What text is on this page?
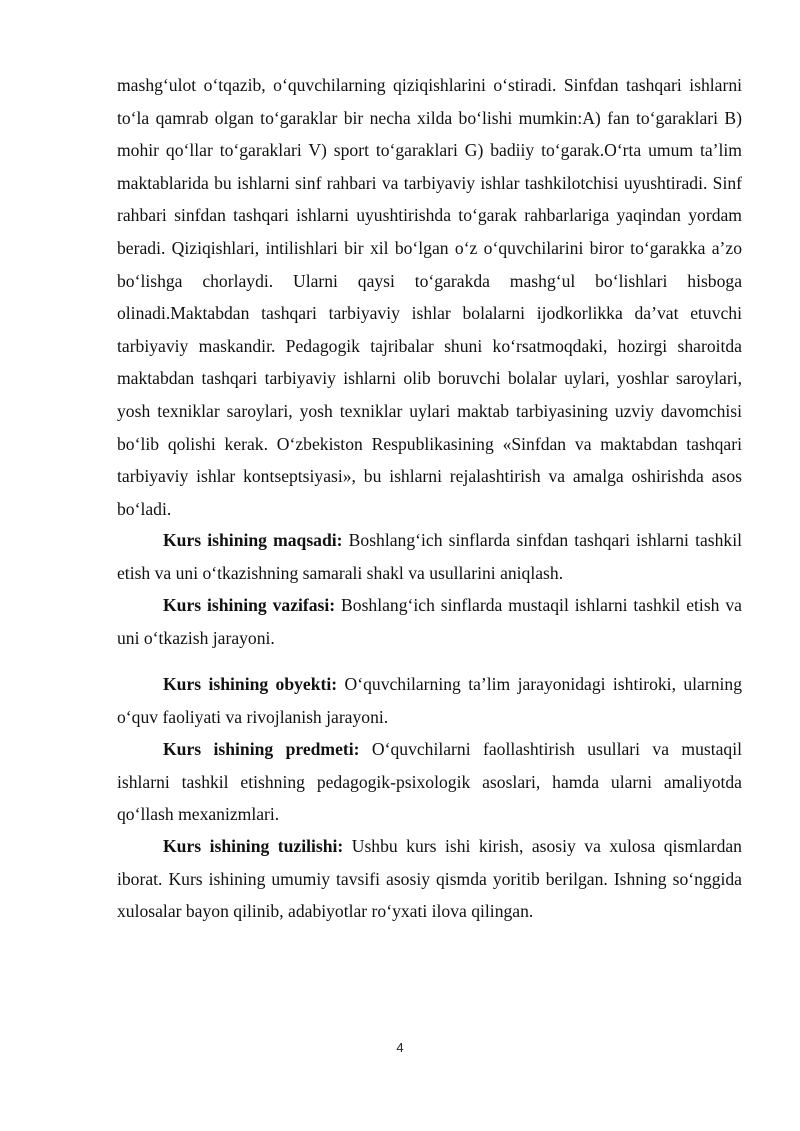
mashg‘ulot o‘tqazib, o‘quvchilarning qiziqishlarini o‘stiradi. Sinfdan tashqari ishlarni to‘la qamrab olgan to‘garaklar bir necha xilda bo‘lishi mumkin:A) fan to‘garaklari B) mohir qo‘llar to‘garaklari V) sport to‘garaklari G) badiiy to‘garak.O‘rta umum ta’lim maktablarida bu ishlarni sinf rahbari va tarbiyaviy ishlar tashkilotchisi uyushtiradi. Sinf rahbari sinfdan tashqari ishlarni uyushtirishda to‘garak rahbarlariga yaqindan yordam beradi. Qiziqishlari, intilishlari bir xil bo‘lgan o‘z o‘quvchilarini biror to‘garakka a’zo bo‘lishga chorlaydi. Ularni qaysi to‘garakda mashg‘ul bo‘lishlari hisboga olinadi.Maktabdan tashqari tarbiyaviy ishlar bolalarni ijodkorlikka da’vat etuvchi tarbiyaviy maskandir. Pedagogik tajribalar shuni ko‘rsatmoqdaki, hozirgi sharoitda maktabdan tashqari tarbiyaviy ishlarni olib boruvchi bolalar uylari, yoshlar saroylari, yosh texniklar saroylari, yosh texniklar uylari maktab tarbiyasining uzviy davomchisi bo‘lib qolishi kerak. O‘zbekiston Respublikasining «Sinfdan va maktabdan tashqari tarbiyaviy ishlar kontseptsiyasi», bu ishlarni rejalashtirish va amalga oshirishda asos bo‘ladi.

Kurs ishining maqsadi: Boshlang‘ich sinflarda sinfdan tashqari ishlarni tashkil etish va uni o‘tkazishning samarali shakl va usullarini aniqlash.

Kurs ishining vazifasi: Boshlang‘ich sinflarda mustaqil ishlarni tashkil etish va uni o‘tkazish jarayoni.

Kurs ishining obyekti: O‘quvchilarning ta’lim jarayonidagi ishtiroki, ularning o‘quv faoliyati va rivojlanish jarayoni.

Kurs ishining predmeti: O‘quvchilarni faollashtirish usullari va mustaqil ishlarni tashkil etishning pedagogik-psixologik asoslari, hamda ularni amaliyotda qo‘llash mexanizmlari.

Kurs ishining tuzilishi: Ushbu kurs ishi kirish, asosiy va xulosa qismlardan iborat. Kurs ishining umumiy tavsifi asosiy qismda yoritib berilgan. Ishning so‘nggida xulosalar bayon qilinib, adabiyotlar ro‘yxati ilova qilingan.

4
